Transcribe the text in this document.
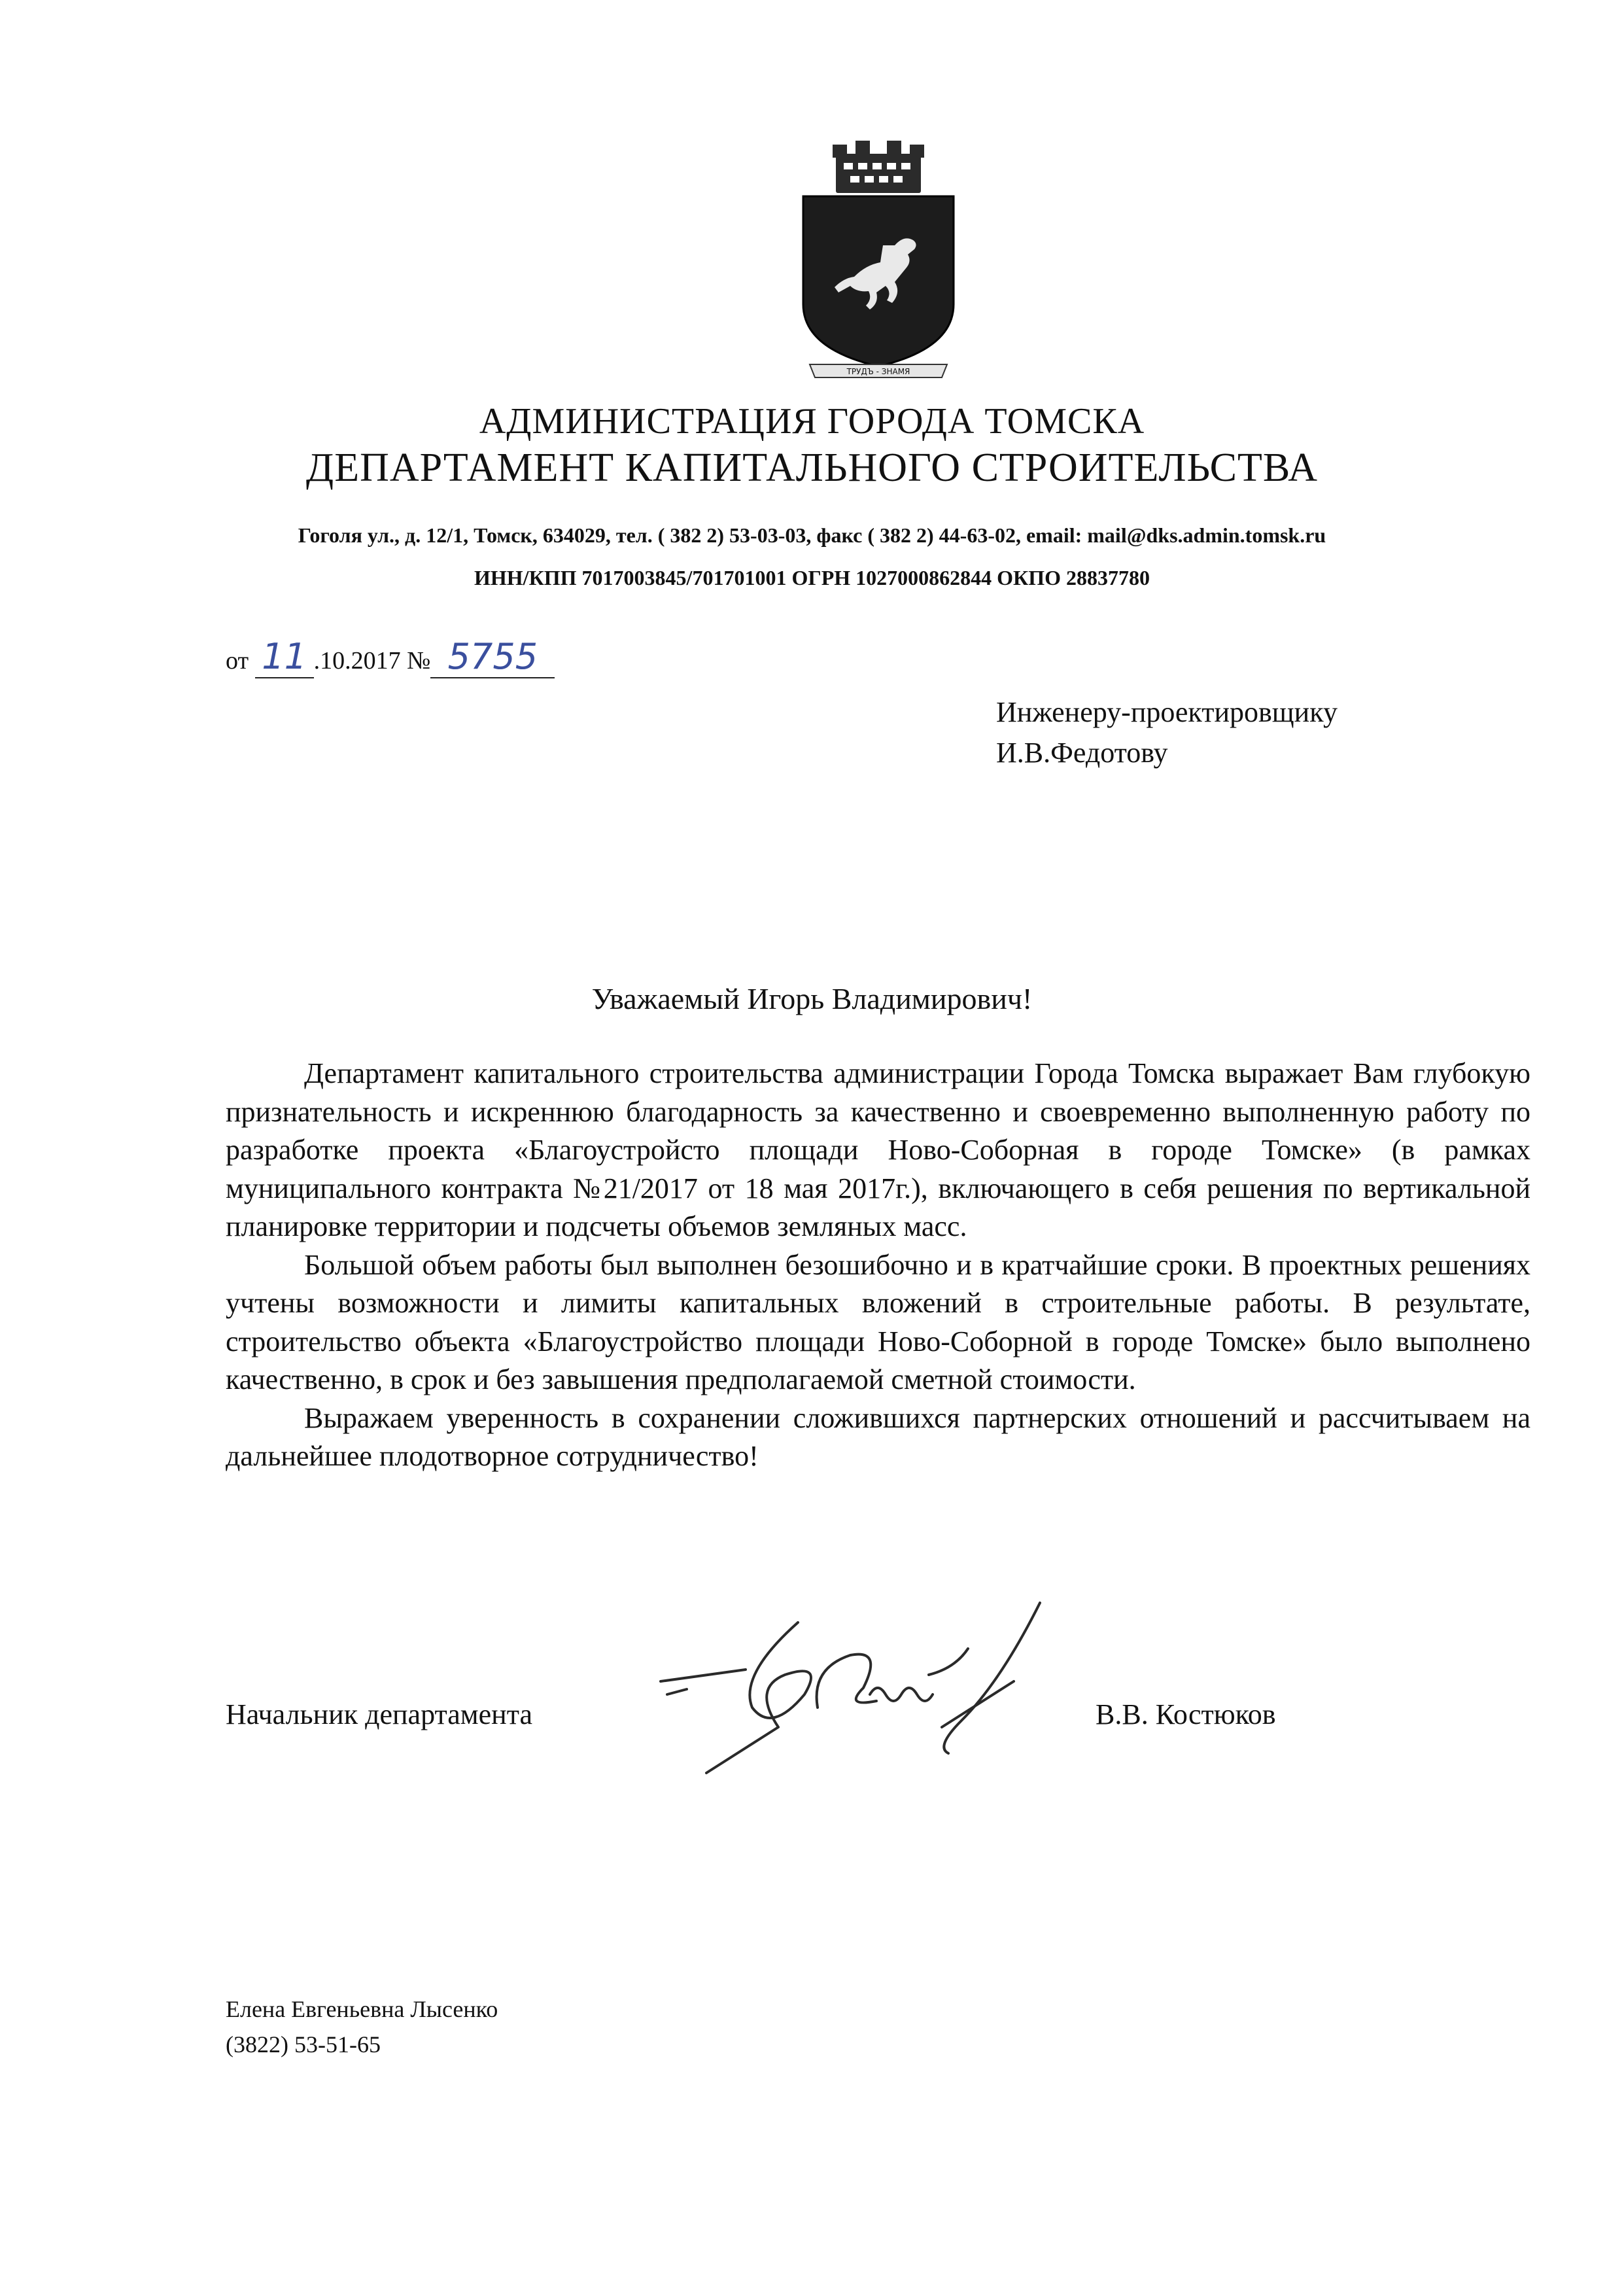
ТРУДЪ - ЗНАМЯ
АДМИНИСТРАЦИЯ ГОРОДА ТОМСКА
ДЕПАРТАМЕНТ КАПИТАЛЬНОГО СТРОИТЕЛЬСТВА
Гоголя ул., д. 12/1, Томск, 634029, тел. ( 382 2) 53-03-03, факс ( 382 2) 44-63-02, email: mail@dks.admin.tomsk.ru
ИНН/КПП 7017003845/701701001 ОГРН 1027000862844 ОКПО 28837780
от 11 .10.2017 № 5755
Инженеру-проектировщику
И.В.Федотову
Уважаемый Игорь Владимирович!

Департамент капитального строительства администрации Города Томска выражает Вам глубокую признательность и искреннюю благодарность за качественно и своевременно выполненную работу по разработке проекта «Благоустройсто площади Ново-Соборная в городе Томске» (в рамках муниципального контракта №21/2017 от 18 мая 2017г.), включающего в себя решения по вертикальной планировке территории и подсчеты объемов земляных масс.

Большой объем работы был выполнен безошибочно и в кратчайшие сроки. В проектных решениях учтены возможности и лимиты капитальных вложений в строительные работы. В результате, строительство объекта «Благоустройство площади Ново-Соборной в городе Томске» было выполнено качественно, в срок и без завышения предполагаемой сметной стоимости.

Выражаем уверенность в сохранении сложившихся партнерских отношений и рассчитываем на дальнейшее плодотворное сотрудничество!

Начальник департамента	В.В. Костюков
Елена Евгеньевна Лысенко
(3822) 53-51-65
